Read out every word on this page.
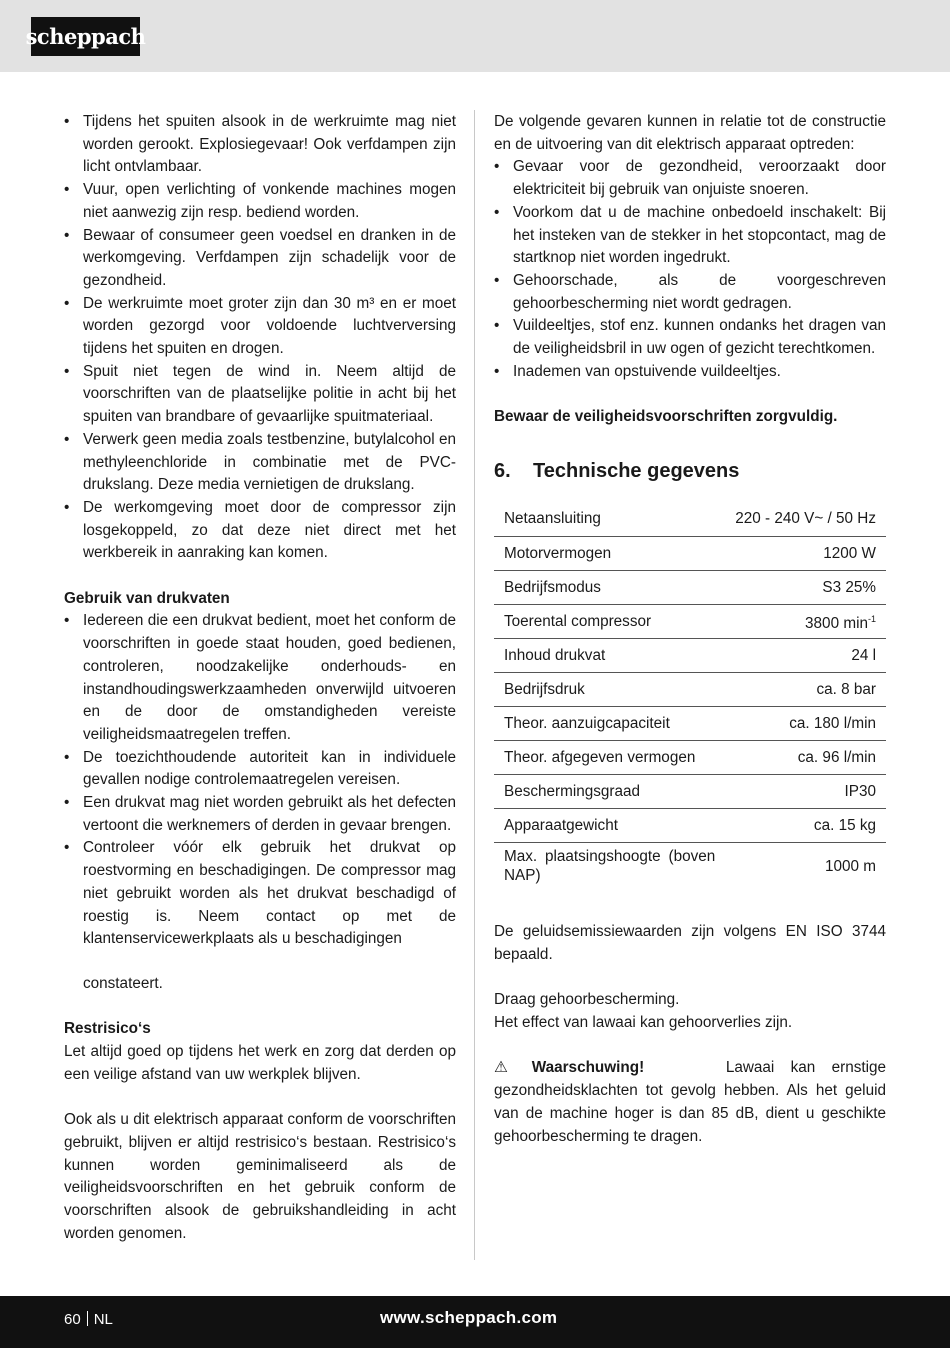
scheppach
• Tijdens het spuiten alsook in de werkruimte mag niet worden gerookt. Explosiegevaar! Ook verfdampen zijn licht ontvlambaar.
• Vuur, open verlichting of vonkende machines mogen niet aanwezig zijn resp. bediend worden.
• Bewaar of consumeer geen voedsel en dranken in de werkomgeving. Verfdampen zijn schadelijk voor de gezondheid.
• De werkruimte moet groter zijn dan 30 m³ en er moet worden gezorgd voor voldoende luchtverversing tijdens het spuiten en drogen.
• Spuit niet tegen de wind in. Neem altijd de voorschriften van de plaatselijke politie in acht bij het spuiten van brandbare of gevaarlijke spuitmateriaal.
• Verwerk geen media zoals testbenzine, butylalcohol en methyleenchloride in combinatie met de PVC-drukslang. Deze media vernietigen de drukslang.
• De werkomgeving moet door de compressor zijn losgekoppeld, zo dat deze niet direct met het werkbereik in aanraking kan komen.
Gebruik van drukvaten
• Iedereen die een drukvat bedient, moet het conform de voorschriften in goede staat houden, goed bedienen, controleren, noodzakelijke onderhouds- en instandhoudingswerkzaamheden onverwijld uitvoeren en de door de omstandigheden vereiste veiligheidsmaatregelen treffen.
• De toezichthoudende autoriteit kan in individuele gevallen nodige controlemaatregelen vereisen.
• Een drukvat mag niet worden gebruikt als het defecten vertoont die werknemers of derden in gevaar brengen.
• Controleer vóór elk gebruik het drukvat op roestvorming en beschadigingen. De compressor mag niet gebruikt worden als het drukvat beschadigd of roestig is. Neem contact op met de klantenservicewerkplaats als u beschadigingen
constateert.
Restrisico‘s
Let altijd goed op tijdens het werk en zorg dat derden op een veilige afstand van uw werkplek blijven.
Ook als u dit elektrisch apparaat conform de voorschriften gebruikt, blijven er altijd restrisico‘s bestaan. Restrisico‘s kunnen worden geminimaliseerd als de veiligheidsvoorschriften en het gebruik conform de voorschriften alsook de gebruikshandleiding in acht worden genomen.
De volgende gevaren kunnen in relatie tot de constructie en de uitvoering van dit elektrisch apparaat optreden:
• Gevaar voor de gezondheid, veroorzaakt door elektriciteit bij gebruik van onjuiste snoeren.
• Voorkom dat u de machine onbedoeld inschakelt: Bij het insteken van de stekker in het stopcontact, mag de startknop niet worden ingedrukt.
• Gehoorschade, als de voorgeschreven gehoorbescherming niet wordt gedragen.
• Vuildeeltjes, stof enz. kunnen ondanks het dragen van de veiligheidsbril in uw ogen of gezicht terechtkomen.
• Inademen van opstuivende vuildeeltjes.
Bewaar de veiligheidsvoorschriften zorgvuldig.
6.	Technische gegevens
Netaansluiting	220 - 240 V~ / 50 Hz
Motorvermogen	1200 W
Bedrijfsmodus	S3 25%
Toerental compressor	3800 $\min^{-1}$
Inhoud drukvat	24 l
Bedrijfsdruk	ca. 8 bar
Theor. aanzuigcapaciteit	ca. 180 l/min
Theor. afgegeven vermogen	ca. 96 l/min
Beschermingsgraad	IP30
Apparaatgewicht	ca. 15 kg
Max. plaatsingshoogte (boven NAP)	1000 m
De geluidsemissiewaarden zijn volgens EN ISO 3744 bepaald.
Draag gehoorbescherming.
Het effect van lawaai kan gehoorverlies zijn.
⚠ Waarschuwing!	Lawaai kan ernstige gezondheidsklachten tot gevolg hebben. Als het geluid van de machine hoger is dan 85 dB, dient u geschikte gehoorbescherming te dragen.
60 NL	www.scheppach.com
